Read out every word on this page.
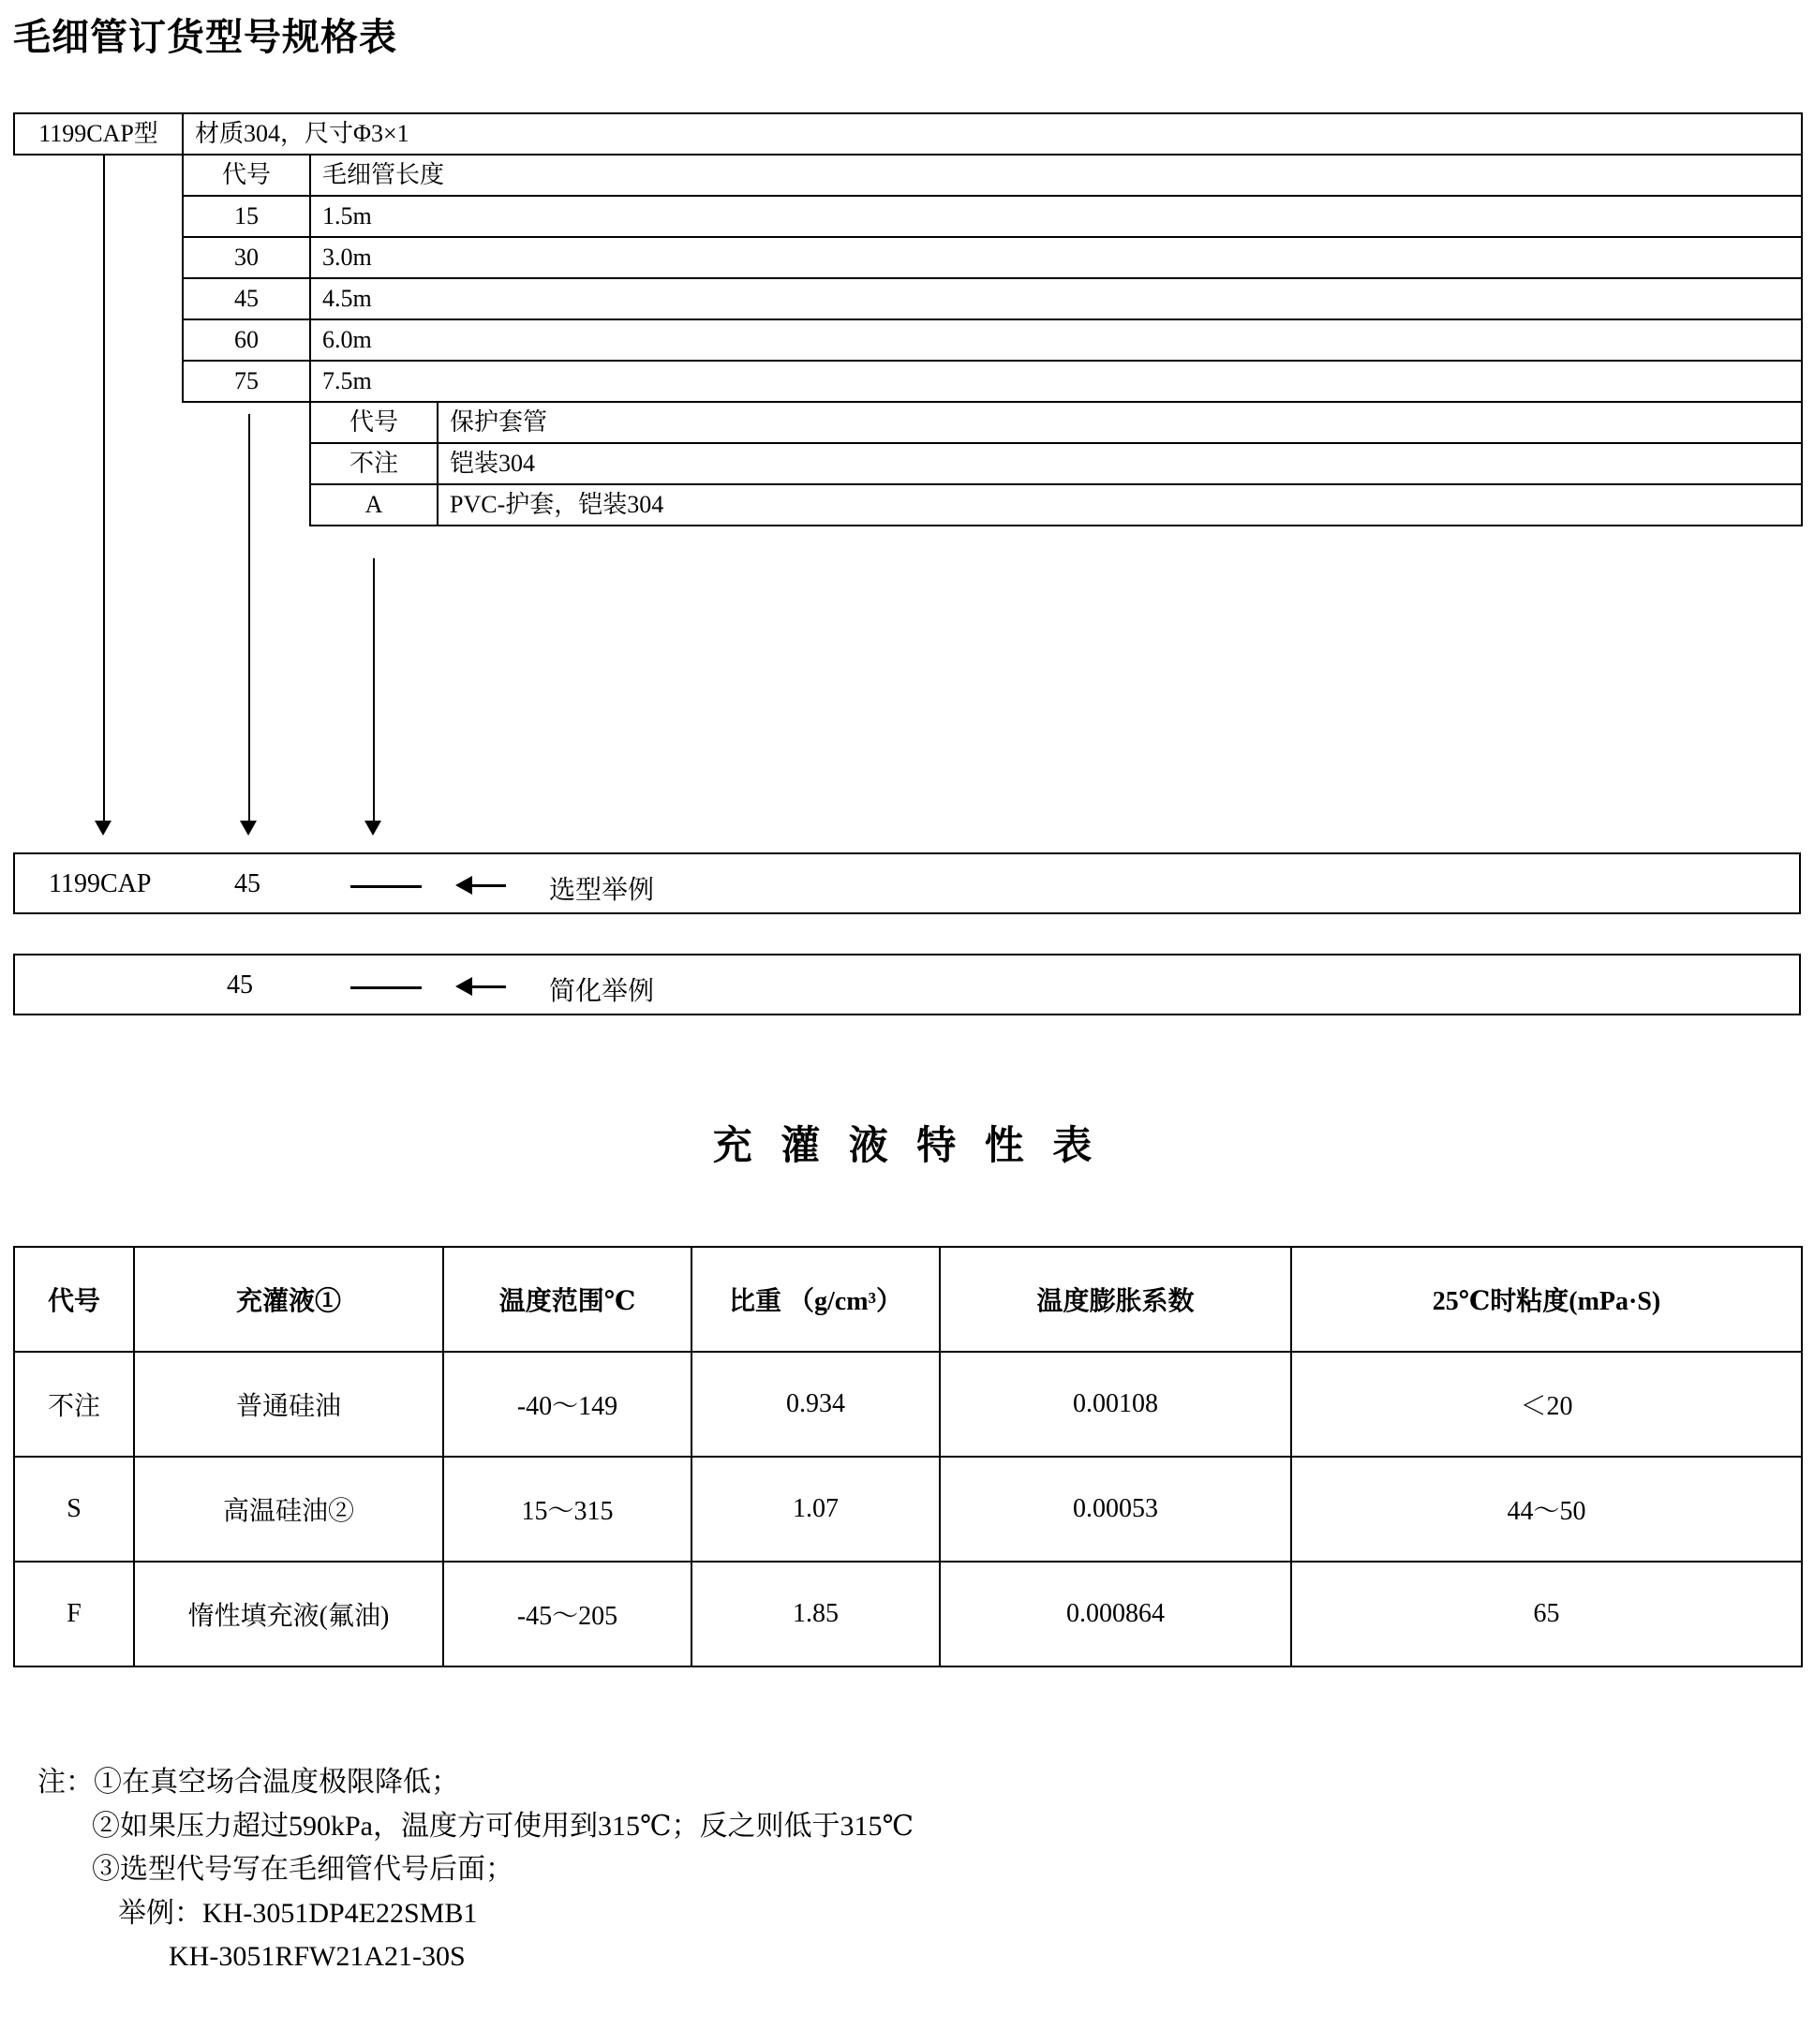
毛细管订货型号规格表
1199CAP型	材质304，尺寸Φ3×1
代号	毛细管长度
15	1.5m
30	3.0m
45	4.5m
60	6.0m
75	7.5m
代号	保护套管
不注	铠装304
A	PVC-护套，铠装304
1199CAP	45	选型举例
45	简化举例
充 灌 液 特 性 表
代号	充灌液①	温度范围℃	比重 （g/cm³）	温度膨胀系数	25℃时粘度(mPa·S)
不注	普通硅油	-40～149	0.934	0.00108	＜20
S	高温硅油②	15～315	1.07	0.00053	44～50
F	惰性填充液(氟油)	-45～205	1.85	0.000864	65
注：①在真空场合温度极限降低；
②如果压力超过590kPa，温度方可使用到315℃；反之则低于315℃
③选型代号写在毛细管代号后面；
举例：KH-3051DP4E22SMB1
KH-3051RFW21A21-30S
